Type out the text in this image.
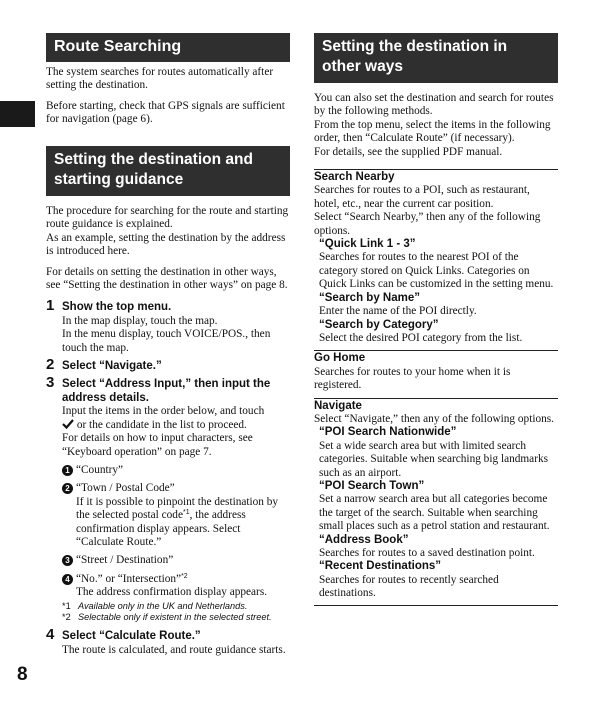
8
Route Searching

The system searches for routes automatically after setting the destination.

Before starting, check that GPS signals are sufficient for navigation (page 6).

Setting the destination and starting guidance

The procedure for searching for the route and starting route guidance is explained.

As an example, setting the destination by the address is introduced here.

For details on setting the destination in other ways, see “Setting the destination in other ways” on page 8.

1 Show the top menu.

In the map display, touch the map.

In the menu display, touch VOICE/POS., then touch the map.

2 Select “Navigate.”
3 Select “Address Input,” then input the address details.

Input the items in the order below, and touch
or the candidate in the list to proceed.

For details on how to input characters, see “Keyboard operation” on page 7.

1 “Country”
2 “Town / Postal Code”

If it is possible to pinpoint the destination by the selected postal code$^{*1}$, the address confirmation display appears. Select “Calculate Route.”

3 “Street / Destination”
4 “No.” or “Intersection”$^{*2}$

The address confirmation display appears.

*1 Available only in the UK and Netherlands.
*2 Selectable only if existent in the selected street.
4 Select “Calculate Route.”

The route is calculated, and route guidance starts.

Setting the destination in other ways

You can also set the destination and search for routes by the following methods.

From the top menu, select the items in the following order, then “Calculate Route” (if necessary).

For details, see the supplied PDF manual.

Search Nearby

Searches for routes to a POI, such as restaurant, hotel, etc., near the current car position.

Select “Search Nearby,” then any of the following options.

“Quick Link 1 - 3”

Searches for routes to the nearest POI of the category stored on Quick Links. Categories on Quick Links can be customized in the setting menu.

“Search by Name”

Enter the name of the POI directly.

“Search by Category”

Select the desired POI category from the list.

Go Home

Searches for routes to your home when it is registered.

Navigate

Select “Navigate,” then any of the following options.

“POI Search Nationwide”

Set a wide search area but with limited search categories. Suitable when searching big landmarks such as an airport.

“POI Search Town”

Set a narrow search area but all categories become the target of the search. Suitable when searching small places such as a petrol station and restaurant.

“Address Book”

Searches for routes to a saved destination point.

“Recent Destinations”

Searches for routes to recently searched destinations.
